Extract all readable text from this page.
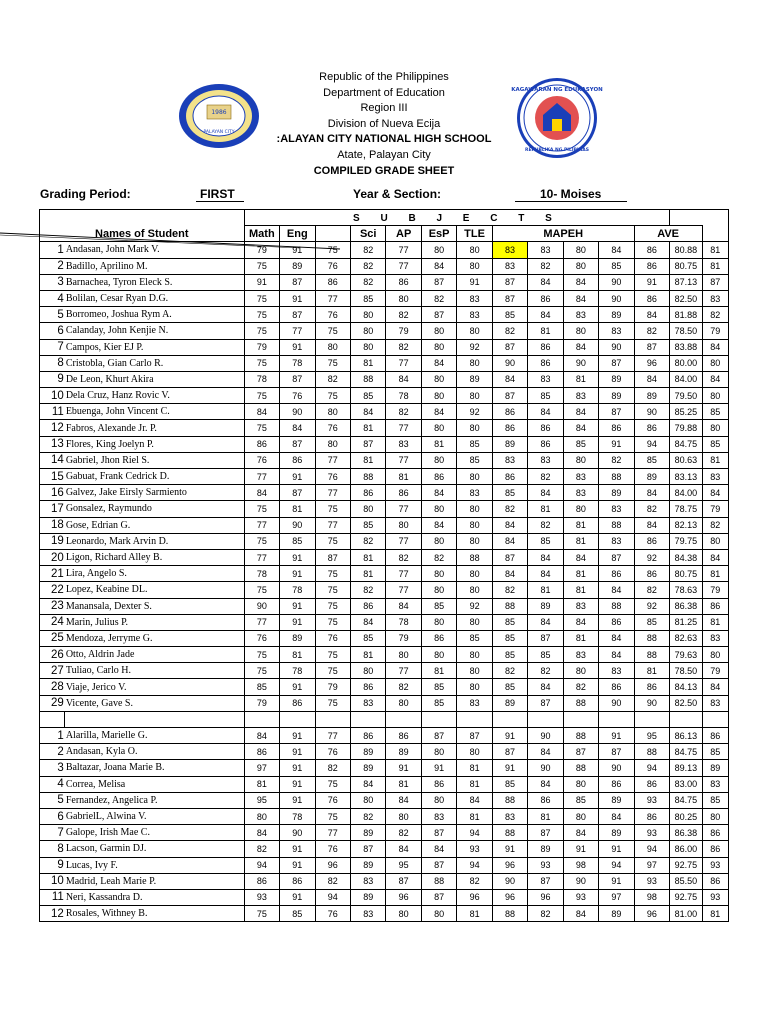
1986
PALAYAN CITY
KAGAWARAN NG EDUKASYON
REPUBLIKA NG PILIPINAS
Republic of the Philippines
Department of Education
Region III
Division of Nueva Ecija
:ALAYAN CITY NATIONAL HIGH SCHOOL
Atate, Palayan City
COMPILED GRADE SHEET
Grading Period:	FIRST	Year & Section:	10- Moises
		S U B J E C T S													
Names of Student		Math	Eng		Sci	AP	EsP	TLE	MAPEH				AVE		
1	Andasan, John Mark V.	79	91	75	82	77	80	80	83	83	80	84	86	80.88	81
2	Badillo, Aprilino M.	75	89	76	82	77	84	80	83	82	80	85	86	80.75	81
3	Barnachea, Tyron Eleck S.	91	87	86	82	86	87	91	87	84	84	90	91	87.13	87
4	Bolilan, Cesar Ryan D.G.	75	91	77	85	80	82	83	87	86	84	90	86	82.50	83
5	Borromeo, Joshua Rym A.	75	87	76	80	82	87	83	85	84	83	89	84	81.88	82
6	Calanday, John Kenjie N.	75	77	75	80	79	80	80	82	81	80	83	82	78.50	79
7	Campos, Kier EJ P.	79	91	80	80	82	80	92	87	86	84	90	87	83.88	84
8	Cristobla, Gian Carlo R.	75	78	75	81	77	84	80	90	86	90	87	96	80.00	80
9	De Leon, Khurt Akira	78	87	82	88	84	80	89	84	83	81	89	84	84.00	84
10	Dela Cruz, Hanz Rovic V.	75	76	75	85	78	80	80	87	85	83	89	89	79.50	80
11	Ebuenga, John Vincent C.	84	90	80	84	82	84	92	86	84	84	87	90	85.25	85
12	Fabros, Alexande Jr. P.	75	84	76	81	77	80	80	86	86	84	86	86	79.88	80
13	Flores, King Joelyn P.	86	87	80	87	83	81	85	89	86	85	91	94	84.75	85
14	Gabriel, Jhon Riel S.	76	86	77	81	77	80	85	83	83	80	82	85	80.63	81
15	Gabuat, Frank Cedrick D.	77	91	76	88	81	86	80	86	82	83	88	89	83.13	83
16	Galvez, Jake Eirsly Sarmiento	84	87	77	86	86	84	83	85	84	83	89	84	84.00	84
17	Gonsalez, Raymundo	75	81	75	80	77	80	80	82	81	80	83	82	78.75	79
18	Gose, Edrian G.	77	90	77	85	80	84	80	84	82	81	88	84	82.13	82
19	Leonardo, Mark Arvin D.	75	85	75	82	77	80	80	84	85	81	83	86	79.75	80
20	Ligon, Richard Alley B.	77	91	87	81	82	82	88	87	84	84	87	92	84.38	84
21	Lira, Angelo S.	78	91	75	81	77	80	80	84	84	81	86	86	80.75	81
22	Lopez, Keabine DL.	75	78	75	82	77	80	80	82	81	81	84	82	78.63	79
23	Manansala, Dexter S.	90	91	75	86	84	85	92	88	89	83	88	92	86.38	86
24	Marin, Julius P.	77	91	75	84	78	80	80	85	84	84	86	85	81.25	81
25	Mendoza, Jerryme G.	76	89	76	85	79	86	85	85	87	81	84	88	82.63	83
26	Otto, Aldrin Jade	75	81	75	81	80	80	80	85	85	83	84	88	79.63	80
27	Tuliao, Carlo H.	75	78	75	80	77	81	80	82	82	80	83	81	78.50	79
28	Viaje, Jerico V.	85	91	79	86	82	85	80	85	84	82	86	86	84.13	84
29	Vicente, Gave S.	79	86	75	83	80	85	83	89	87	88	90	90	82.50	83

1	Alarilla, Marielle G.	84	91	77	86	86	87	87	91	90	88	91	95	86.13	86
2	Andasan, Kyla O.	86	91	76	89	89	80	80	87	84	87	87	88	84.75	85
3	Baltazar, Joana Marie B.	97	91	82	89	91	91	81	91	90	88	90	94	89.13	89
4	Correa, Melisa	81	91	75	84	81	86	81	85	84	80	86	86	83.00	83
5	Fernandez, Angelica P.	95	91	76	80	84	80	84	88	86	85	89	93	84.75	85
6	GabrielL, Alwina V.	80	78	75	82	80	83	81	83	81	80	84	86	80.25	80
7	Galope, Irish Mae C.	84	90	77	89	82	87	94	88	87	84	89	93	86.38	86
8	Lacson, Garmin DJ.	82	91	76	87	84	84	93	91	89	91	91	94	86.00	86
9	Lucas, Ivy F.	94	91	96	89	95	87	94	96	93	98	94	97	92.75	93
10	Madrid, Leah Marie P.	86	86	82	83	87	88	82	90	87	90	91	93	85.50	86
11	Neri, Kassandra D.	93	91	94	89	96	87	96	96	96	93	97	98	92.75	93
12	Rosales, Withney B.	75	85	76	83	80	80	81	88	82	84	89	96	81.00	81
